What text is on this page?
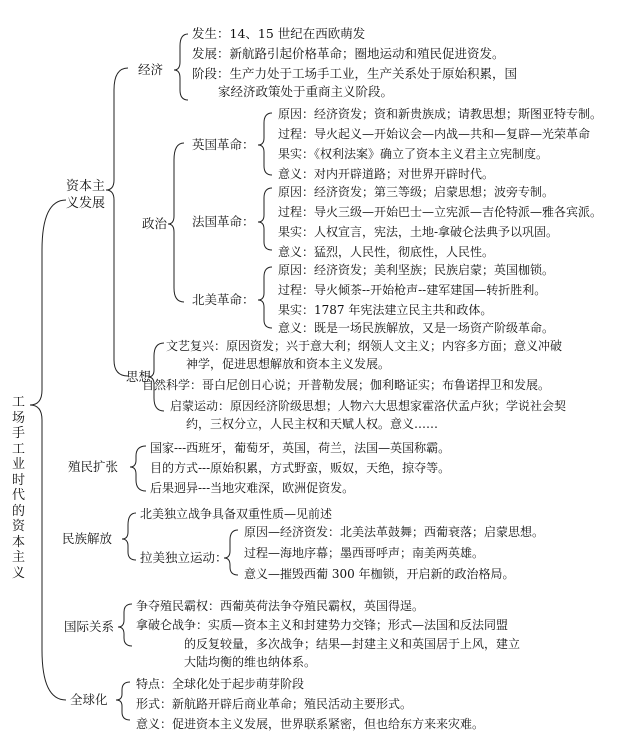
工场手工业时代的资本主义
资本主义发展
经济
发生：14、15 世纪在西欧萌发
发展：新航路引起价格革命；圈地运动和殖民促进资发。
阶段：生产力处于工场手工业，生产关系处于原始积累，国
家经济政策处于重商主义阶段。
政治
英国革命：
原因：经济资发；资和新贵族成；请教思想；斯图亚特专制。
过程：导火起义—开始议会—内战—共和—复辟—光荣革命
果实：《权利法案》确立了资本主义君主立宪制度。
意义：对内开辟道路；对世界开辟时代。
法国革命：
原因：经济资发；第三等级；启蒙思想；波旁专制。
过程：导火三级—开始巴士—立宪派—吉伦特派—雅各宾派。
果实：人权宣言，宪法，土地-拿破仑法典予以巩固。
意义：猛烈，人民性，彻底性，人民性。
北美革命：
原因：经济资发；美利坚族；民族启蒙；英国枷锁。
过程：导火倾茶--开始枪声--建军建国—转折胜利。
果实：1787 年宪法建立民主共和政体。
意义：既是一场民族解放，又是一场资产阶级革命。
思想
文艺复兴：原因资发；兴于意大利；纲领人文主义；内容多方面；意义冲破
神学，促进思想解放和资本主义发展。
自然科学：哥白尼创日心说；开普勒发展；伽利略证实；布鲁诺捍卫和发展。
启蒙运动：原因经济阶级思想；人物六大思想家霍洛伏孟卢狄；学说社会契
约，三权分立，人民主权和天赋人权。意义……
殖民扩张
国家---西班牙，葡萄牙，英国，荷兰，法国—英国称霸。
目的方式---原始积累，方式野蛮，贩奴，天绝，掠夺等。
后果迥异---当地灾难深，欧洲促资发。
民族解放
北美独立战争具备双重性质—见前述
拉美独立运动：
原因—经济资发：北美法革鼓舞；西葡衰落；启蒙思想。
过程—海地序幕；墨西哥呼声；南美两英雄。
意义—摧毁西葡 300 年枷锁，开启新的政治格局。
国际关系
争夺殖民霸权：西葡英荷法争夺殖民霸权，英国得逞。
拿破仑战争：实质—资本主义和封建势力交锋；形式—法国和反法同盟
的反复较量，多次战争；结果—封建主义和英国居于上风，建立
大陆均衡的维也纳体系。
全球化
特点：全球化处于起步萌芽阶段
形式：新航路开辟后商业革命；殖民活动主要形式。
意义：促进资本主义发展，世界联系紧密，但也给东方来来灾难。
